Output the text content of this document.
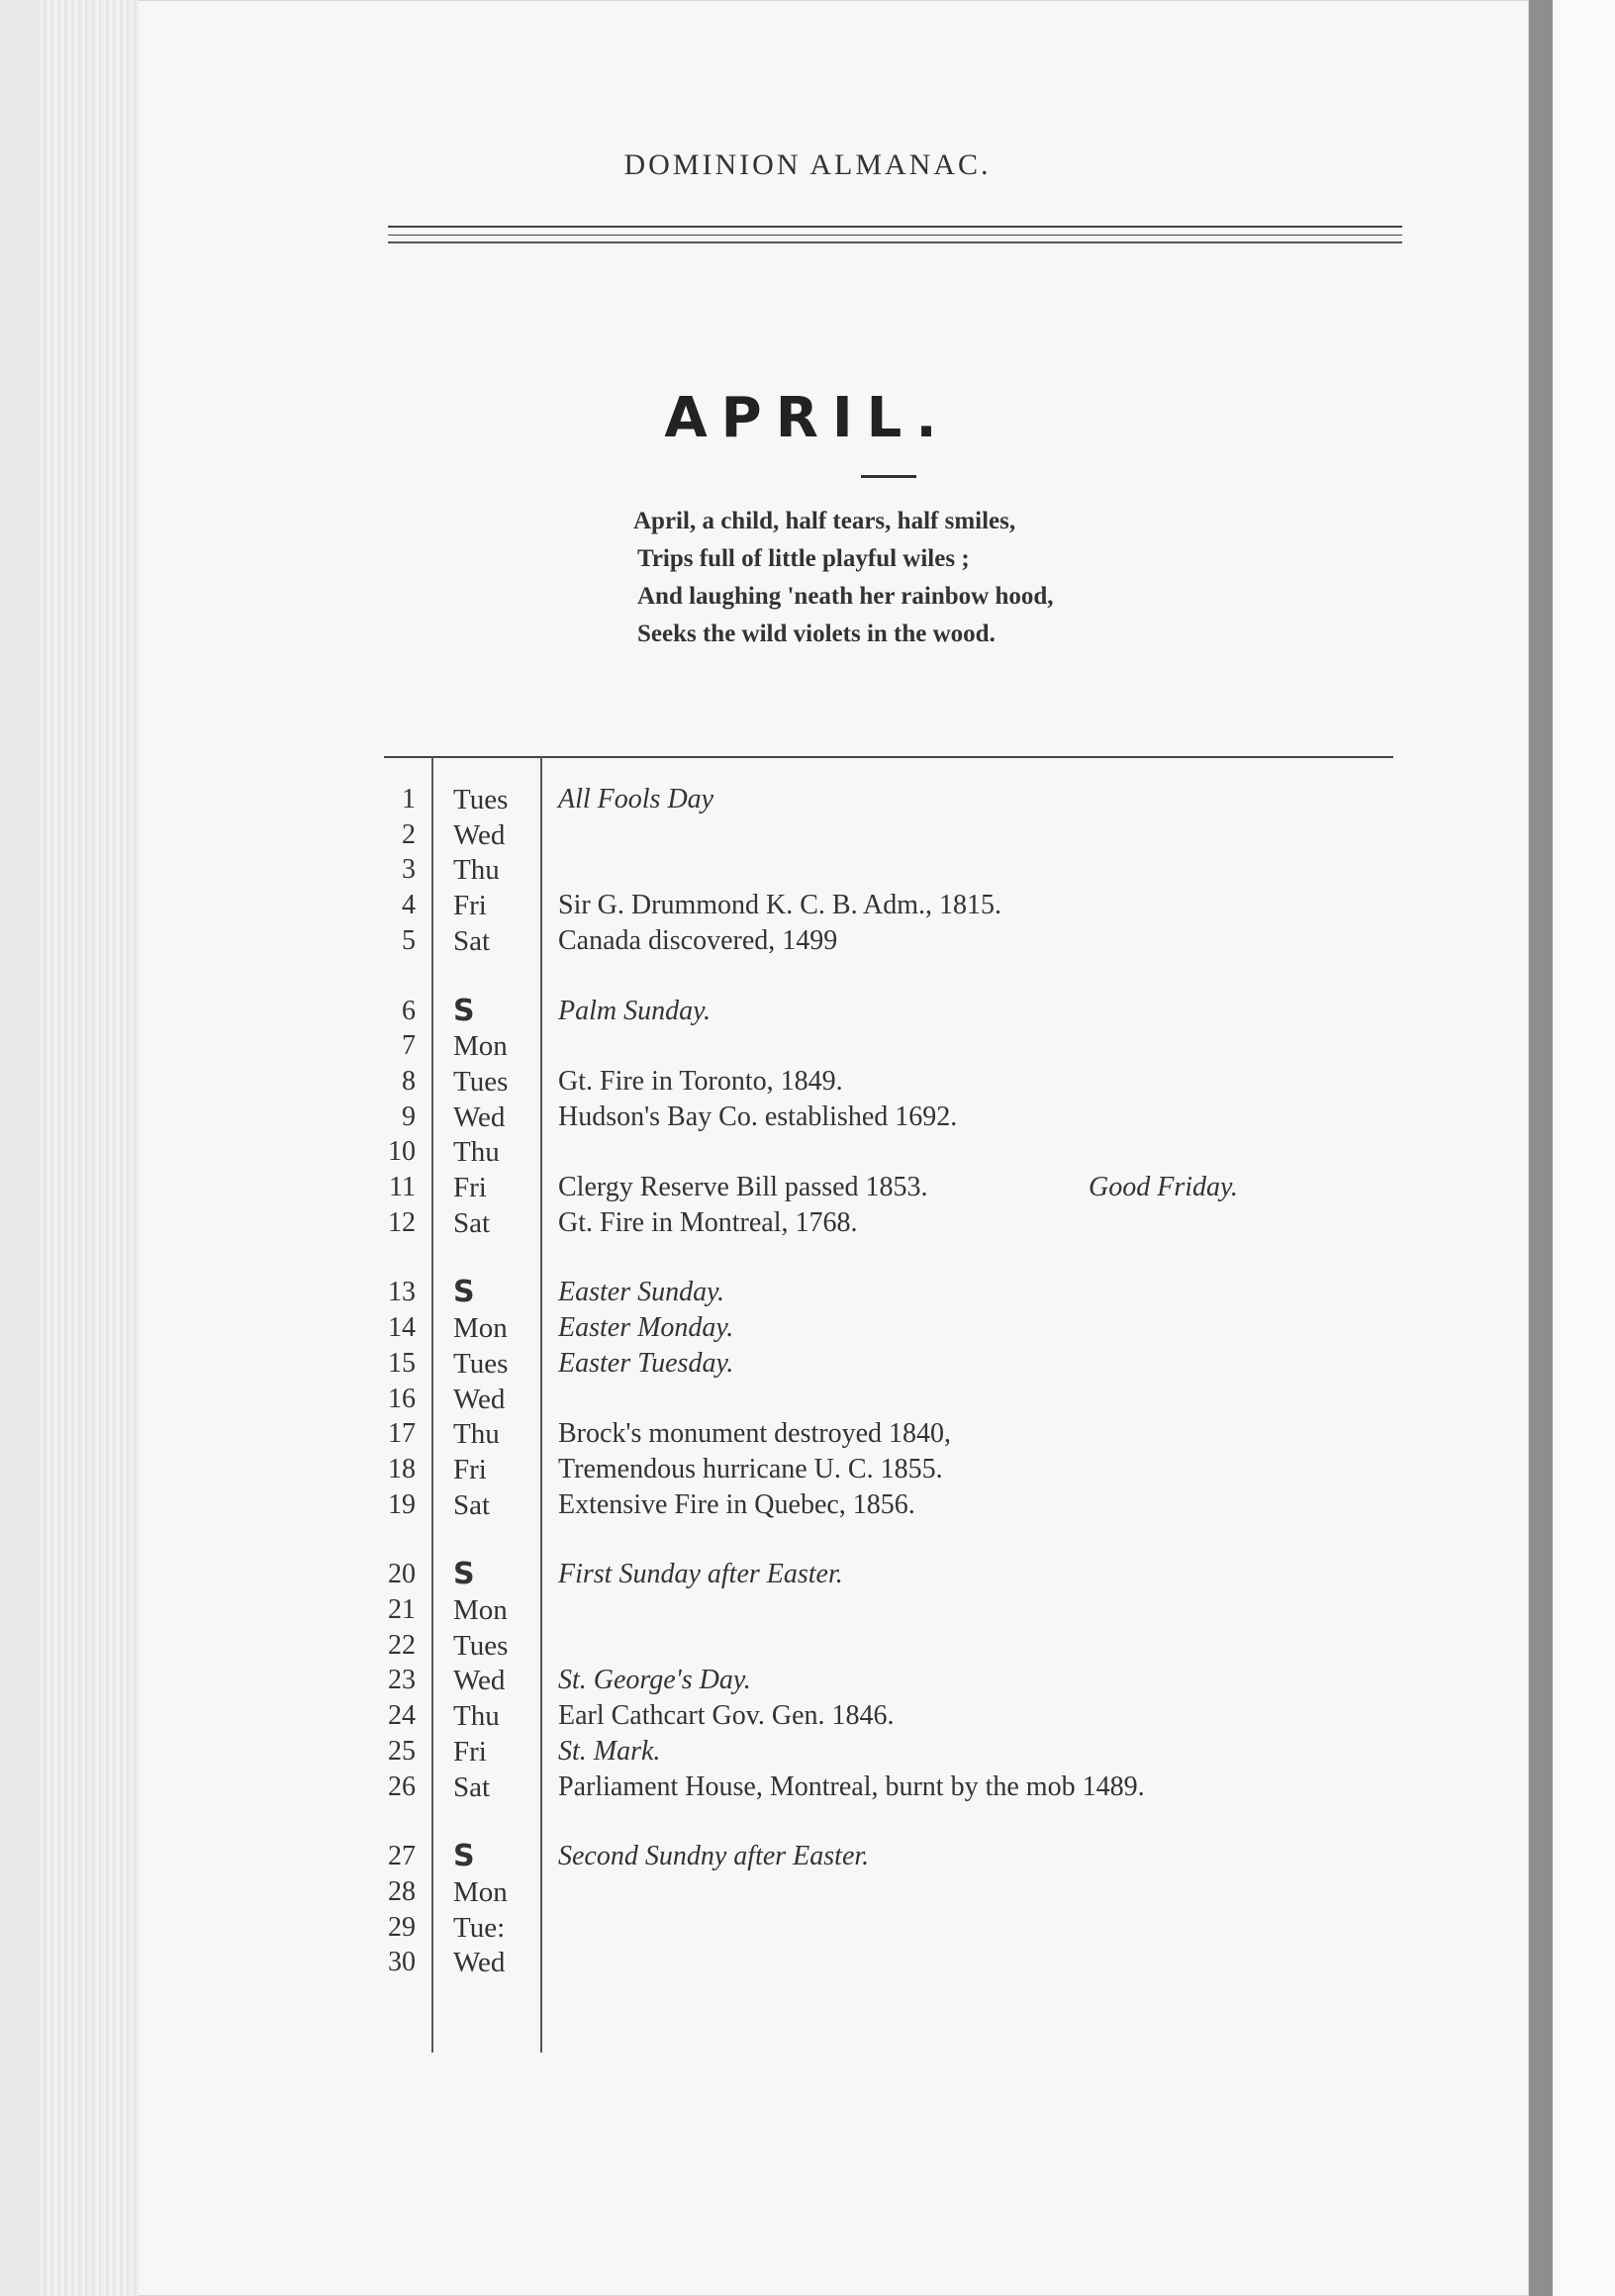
DOMINION ALMANAC.
APRIL.
April, a child, half tears, half smiles,
Trips full of little playful wiles ;
And laughing 'neath her rainbow hood,
Seeks the wild violets in the wood.
1 Tues All Fools Day
2 Wed
3 Thu
4 Fri	Sir G. Drummond K. C. B. Adm., 1815.
5 Sat Canada discovered, 1499
6 S	Palm Sunday.
7 Mon
8 Tues Gt. Fire in Toronto, 1849.
9 Wed Hudson's Bay Co. established 1692.
10 Thu
11 Fri	Clergy Reserve Bill passed 1853.	Good Friday.
12 Sat Gt. Fire in Montreal, 1768.
13 S	Easter Sunday.
14 Mon Easter Monday.
15 Tues Easter Tuesday.
16 Wed
17 Thu Brock's monument destroyed 1840,
18 Fri	Tremendous hurricane U. C. 1855.
19 Sat Extensive Fire in Quebec, 1856.
20 S	First Sunday after Easter.
21 Mon
22 Tues
23 Wed St. George's Day.
24 Thu Earl Cathcart Gov. Gen. 1846.
25 Fri	St. Mark.
26 Sat Parliament House, Montreal, burnt by the mob 1489.
27 S	Second Sundny after Easter.
28 Mon
29 Tue:
30 Wed
